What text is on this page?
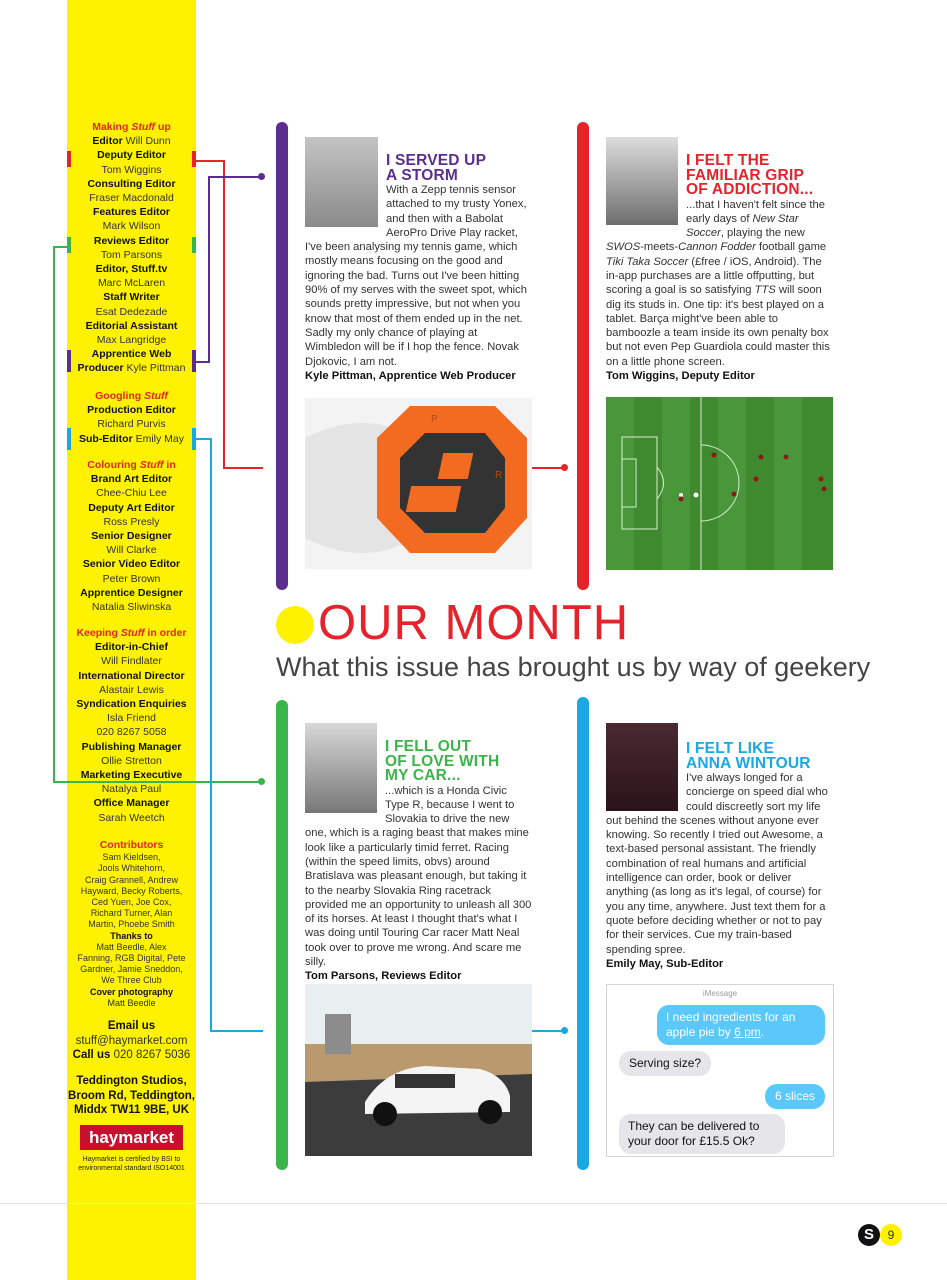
Making Stuff up
Editor Will Dunn
Deputy Editor
Tom Wiggins
Consulting Editor
Fraser Macdonald
Features Editor
Mark Wilson
Reviews Editor
Tom Parsons
Editor, Stuff.tv
Marc McLaren
Staff Writer
Esat Dedezade
Editorial Assistant
Max Langridge
Apprentice Web
Producer Kyle Pittman
Googling Stuff
Production Editor
Richard Purvis
Sub-Editor Emily May
Colouring Stuff in
Brand Art Editor
Chee-Chiu Lee
Deputy Art Editor
Ross Presly
Senior Designer
Will Clarke
Senior Video Editor
Peter Brown
Apprentice Designer
Natalia Sliwinska
Keeping Stuff in order
Editor-in-Chief
Will Findlater
International Director
Alastair Lewis
Syndication Enquiries
Isla Friend
020 8267 5058
Publishing Manager
Ollie Stretton
Marketing Executive
Natalya Paul
Office Manager
Sarah Weetch
Contributors
Sam Kieldsen,
Jools Whitehorn,
Craig Grannell, Andrew
Hayward, Becky Roberts,
Ced Yuen, Joe Cox,
Richard Turner, Alan
Martin, Phoebe Smith
Thanks to
Matt Beedle, Alex
Fanning, RGB Digital, Pete
Gardner, Jamie Sneddon,
We Three Club
Cover photography
Matt Beedle
Email us
stuff@haymarket.com
Call us 020 8267 5036
Teddington Studios,
Broom Rd, Teddington,
Middx TW11 9BE, UK
haymarket
Haymarket is certified by BSI to
environmental standard ISO14001
I SERVED UP
A STORM
With a Zepp tennis sensor attached to my trusty Yonex, and then with a Babolat AeroPro Drive Play racket, I've been analysing my tennis game, which mostly means focusing on the good and ignoring the bad. Turns out I've been hitting 90% of my serves with the sweet spot, which sounds pretty impressive, but not when you know that most of them ended up in the net. Sadly my only chance of playing at Wimbledon will be if I hop the fence. Novak Djokovic, I am not.
Kyle Pittman, Apprentice Web Producer
P
R
I FELT THE
FAMILIAR GRIP
OF ADDICTION...
...that I haven't felt since the early days of New Star Soccer, playing the new SWOS-meets-Cannon Fodder football game Tiki Taka Soccer (£free / iOS, Android). The in-app purchases are a little offputting, but scoring a goal is so satisfying TTS will soon dig its studs in. One tip: it's best played on a tablet. Barça might've been able to bamboozle a team inside its own penalty box but not even Pep Guardiola could master this on a little phone screen.
Tom Wiggins, Deputy Editor
OUR MONTH
What this issue has brought us by way of geekery
I FELL OUT
OF LOVE WITH
MY CAR...
...which is a Honda Civic Type R, because I went to Slovakia to drive the new one, which is a raging beast that makes mine look like a particularly timid ferret. Racing (within the speed limits, obvs) around Bratislava was pleasant enough, but taking it to the nearby Slovakia Ring racetrack provided me an opportunity to unleash all 300 of its horses. At least I thought that's what I was doing until Touring Car racer Matt Neal took over to prove me wrong. And scare me silly.
Tom Parsons, Reviews Editor
I FELT LIKE
ANNA WINTOUR
I've always longed for a concierge on speed dial who could discreetly sort my life out behind the scenes without anyone ever knowing. So recently I tried out Awesome, a text-based personal assistant. The friendly combination of real humans and artificial intelligence can order, book or deliver anything (as long as it's legal, of course) for you any time, anywhere. Just text them for a quote before deciding whether or not to pay for their services. Cue my train-based spending spree.
Emily May, Sub-Editor
iMessage
I need ingredients for an apple pie by 6 pm.
Serving size?
6 slices
They can be delivered to your door for £15.5 Ok?
S	9
